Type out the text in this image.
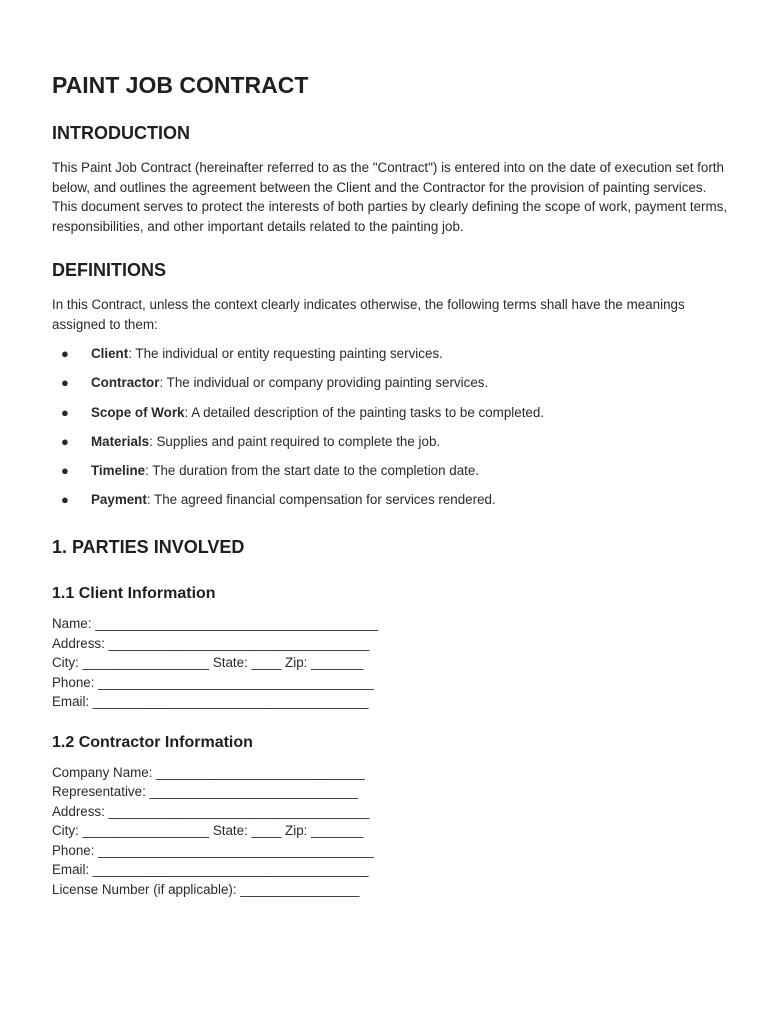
PAINT JOB CONTRACT
INTRODUCTION

This Paint Job Contract (hereinafter referred to as the "Contract") is entered into on the date of execution set forth below, and outlines the agreement between the Client and the Contractor for the provision of painting services. This document serves to protect the interests of both parties by clearly defining the scope of work, payment terms, responsibilities, and other important details related to the painting job.

DEFINITIONS

In this Contract, unless the context clearly indicates otherwise, the following terms shall have the meanings assigned to them:

● Client: The individual or entity requesting painting services.
● Contractor: The individual or company providing painting services.
● Scope of Work: A detailed description of the painting tasks to be completed.
● Materials: Supplies and paint required to complete the job.
● Timeline: The duration from the start date to the completion date.
● Payment: The agreed financial compensation for services rendered.
1. PARTIES INVOLVED
1.1 Client Information
Name: ______________________________________
Address: ___________________________________
City: _________________ State: ____ Zip: _______
Phone: _____________________________________
Email: _____________________________________
1.2 Contractor Information
Company Name: ____________________________
Representative: ____________________________
Address: ___________________________________
City: _________________ State: ____ Zip: _______
Phone: _____________________________________
Email: _____________________________________
License Number (if applicable): ________________
